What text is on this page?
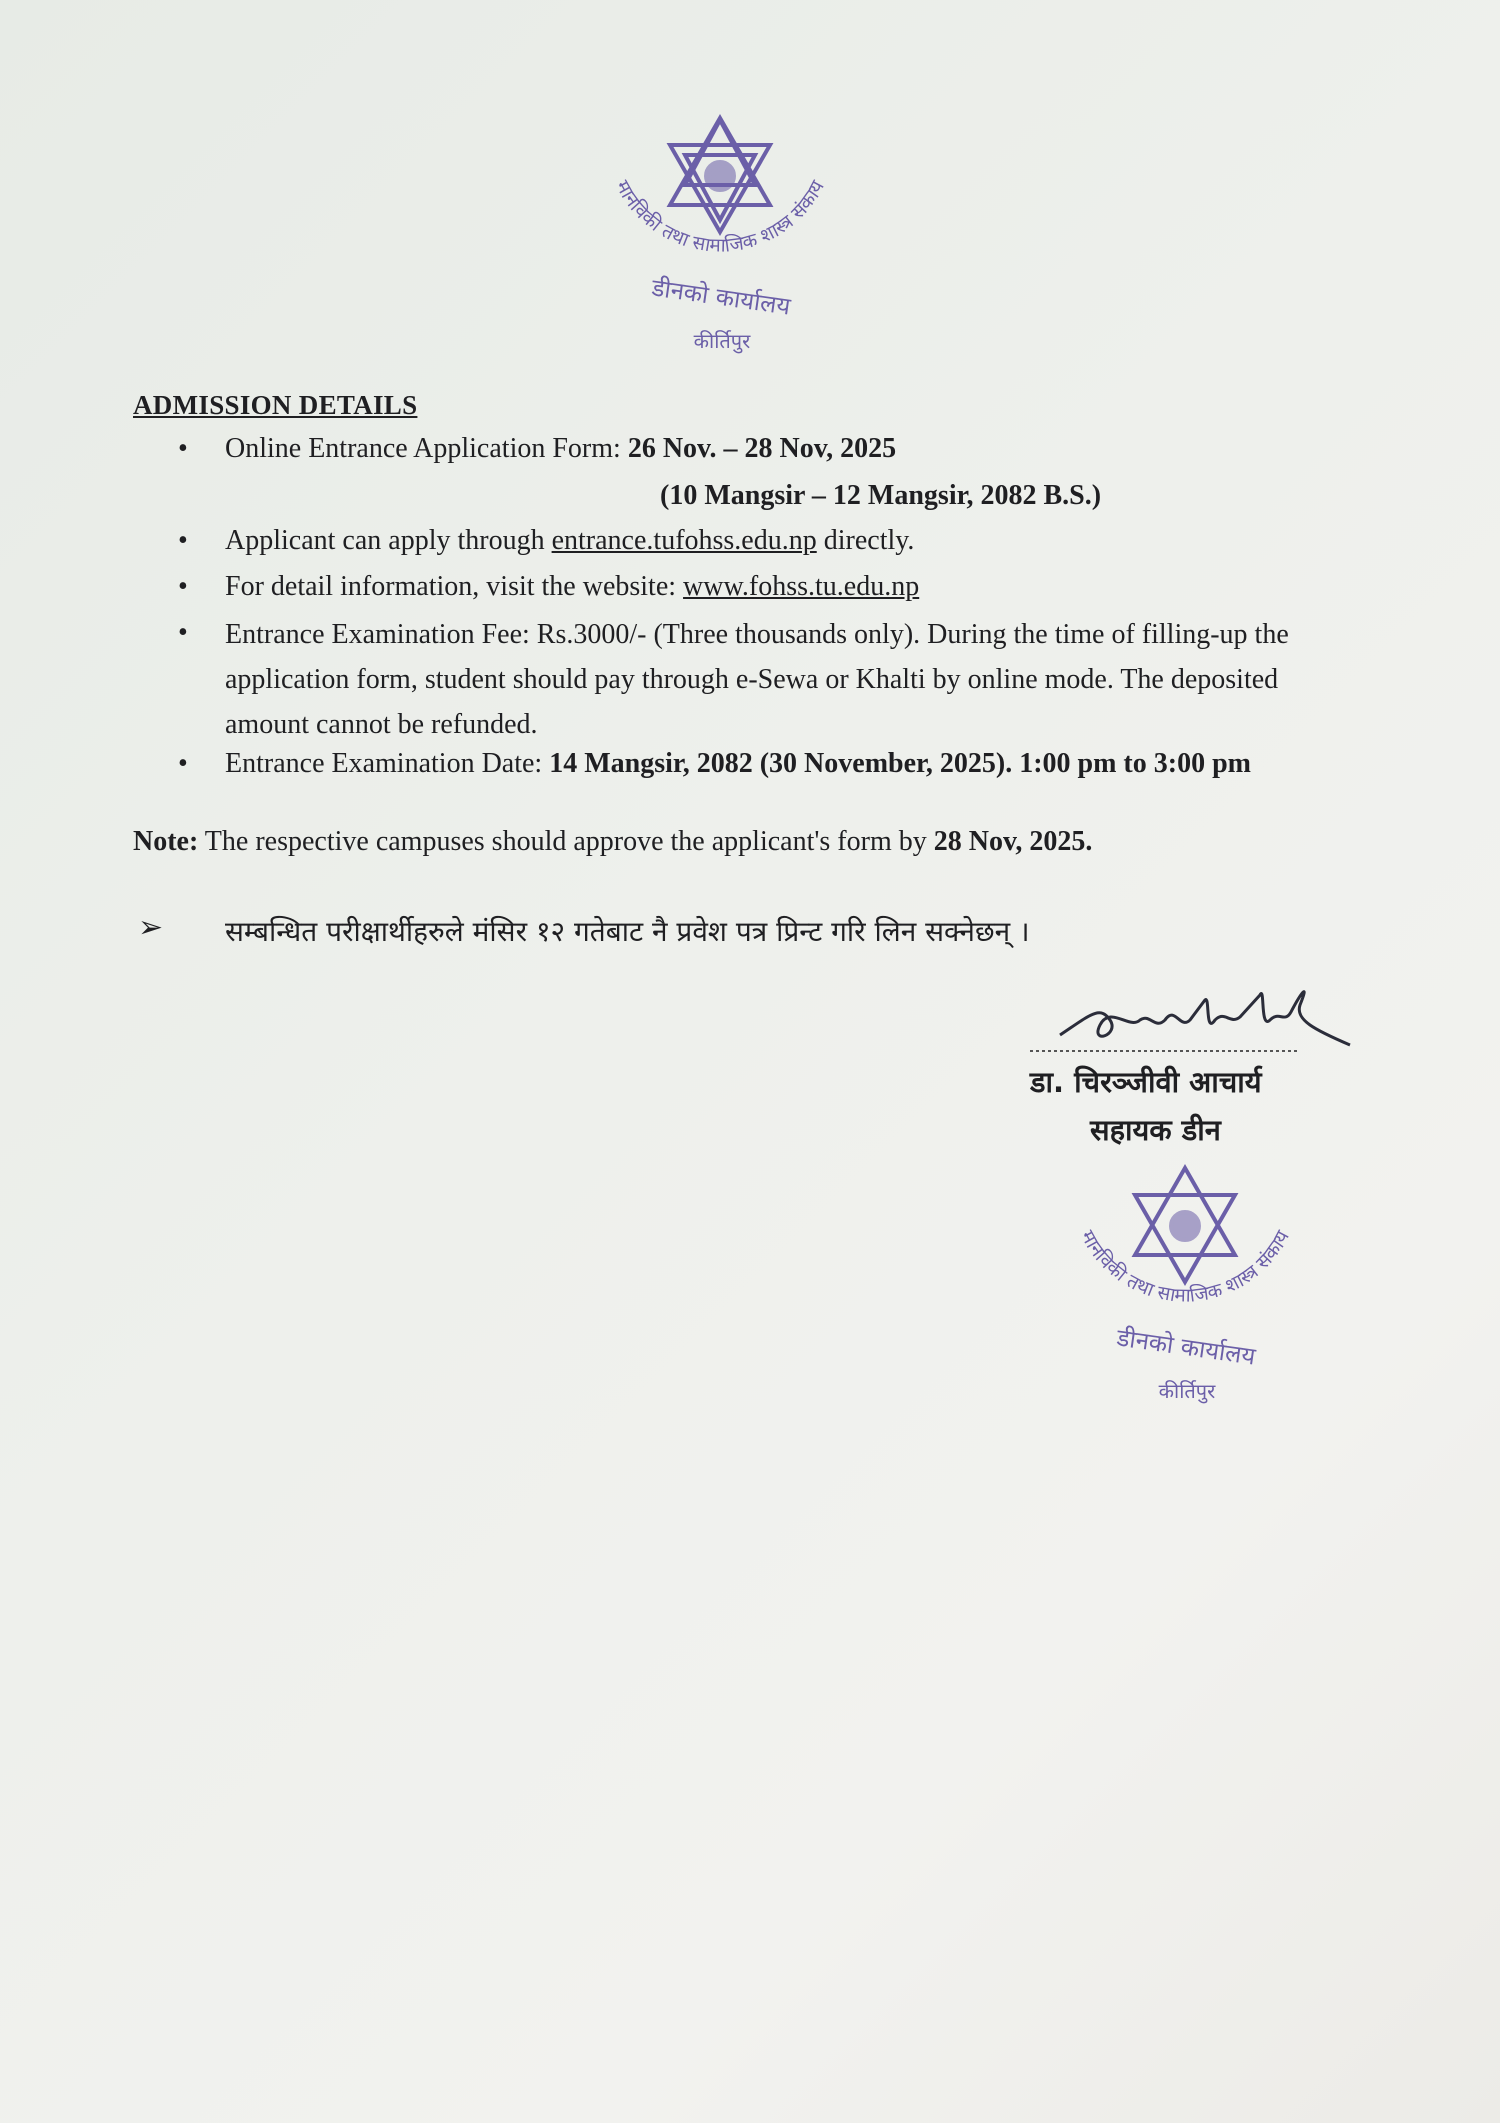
मानविकी तथा सामाजिक शास्त्र संकाय
डीनको कार्यालय
कीर्तिपुर
ADMISSION DETAILS
• Online Entrance Application Form: 26 Nov. – 28 Nov, 2025
(10 Mangsir – 12 Mangsir, 2082 B.S.)
• Applicant can apply through entrance.tufohss.edu.np directly.
• For detail information, visit the website: www.fohss.tu.edu.np
• Entrance Examination Fee: Rs.3000/- (Three thousands only). During the time of filling-up the application form, student should pay through e-Sewa or Khalti by online mode. The deposited amount cannot be refunded.
• Entrance Examination Date: 14 Mangsir, 2082 (30 November, 2025). 1:00 pm to 3:00 pm
Note: The respective campuses should approve the applicant's form by 28 Nov, 2025.
➢ सम्बन्धित परीक्षार्थीहरुले मंसिर १२ गतेबाट नै प्रवेश पत्र प्रिन्ट गरि लिन सक्नेछन् ।
डा. चिरञ्जीवी आचार्य
सहायक डीन
मानविकी तथा सामाजिक शास्त्र संकाय
डीनको कार्यालय
कीर्तिपुर
